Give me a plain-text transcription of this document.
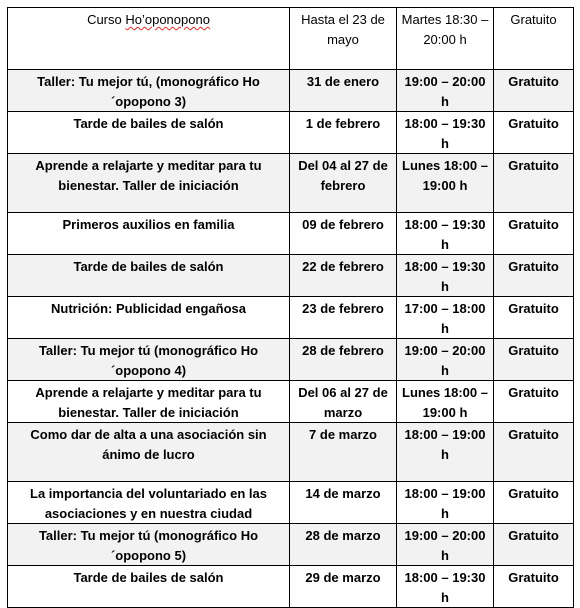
Curso Ho’oponopono	Hasta el 23 de mayo	Martes 18:30 – 20:00 h	Gratuito
Taller: Tu mejor tú, (monográfico Ho´opopono 3)	31 de enero	19:00 – 20:00 h	Gratuito
Tarde de bailes de salón	1 de febrero	18:00 – 19:30 h	Gratuito
Aprende a relajarte y meditar para tu bienestar. Taller de iniciación	Del 04 al 27 de febrero	Lunes 18:00 – 19:00 h	Gratuito
Primeros auxilios en familia	09 de febrero	18:00 – 19:30 h	Gratuito
Tarde de bailes de salón	22 de febrero	18:00 – 19:30 h	Gratuito
Nutrición: Publicidad engañosa	23 de febrero	17:00 – 18:00 h	Gratuito
Taller: Tu mejor tú (monográfico Ho´opopono 4)	28 de febrero	19:00 – 20:00 h	Gratuito
Aprende a relajarte y meditar para tu bienestar. Taller de iniciación	Del 06 al 27 de marzo	Lunes 18:00 – 19:00 h	Gratuito
Como dar de alta a una asociación sin ánimo de lucro	7 de marzo	18:00 – 19:00 h	Gratuito
La importancia del voluntariado en las asociaciones y en nuestra ciudad	14 de marzo	18:00 – 19:00 h	Gratuito
Taller: Tu mejor tú (monográfico Ho´opopono 5)	28 de marzo	19:00 – 20:00 h	Gratuito
Tarde de bailes de salón	29 de marzo	18:00 – 19:30 h	Gratuito
